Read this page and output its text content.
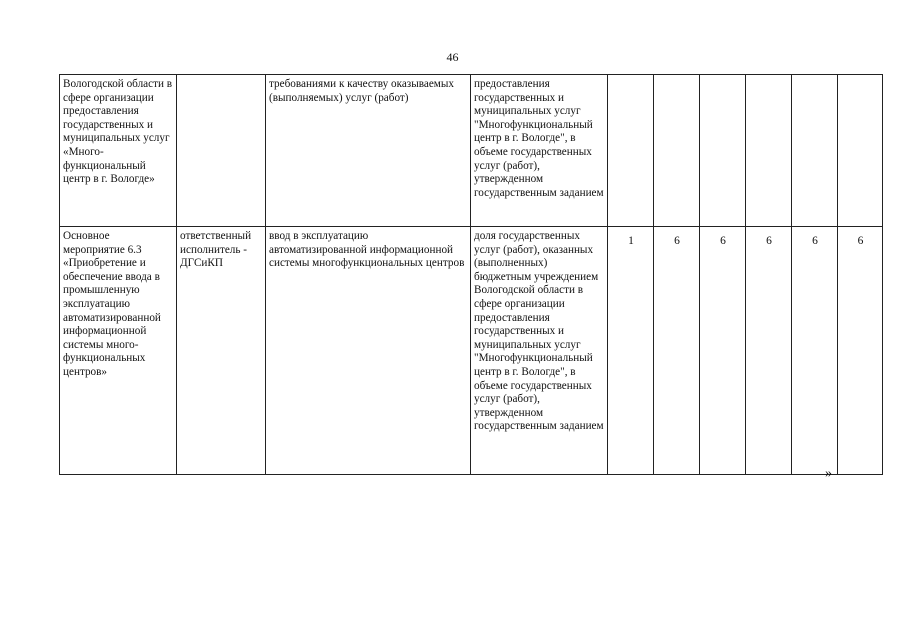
46
Вологодской области в сфере организации предоставления государственных и муниципальных услуг «Много-функциональный центр в г. Вологде»		требованиями к качеству оказываемых (выполняемых) услуг (работ)	предоставления государственных и муниципальных услуг "Многофункциональный центр в г. Вологде", в объеме государственных услуг (работ), утвержденном государственным заданием						
Основное мероприятие 6.3 «Приобретение и обеспечение ввода в промышленную эксплуатацию автоматизированной информационной системы много-функциональных центров»	ответственный исполнитель - ДГСиКП	ввод в эксплуатацию автоматизированной информационной системы многофункциональных центров	доля государственных услуг (работ), оказанных (выполненных) бюджетным учреждением Вологодской области в сфере организации предоставления государственных и муниципальных услуг "Многофункциональный центр в г. Вологде", в объеме государственных услуг (работ), утвержденном государственным заданием	1	6	6	6	6	6
»
